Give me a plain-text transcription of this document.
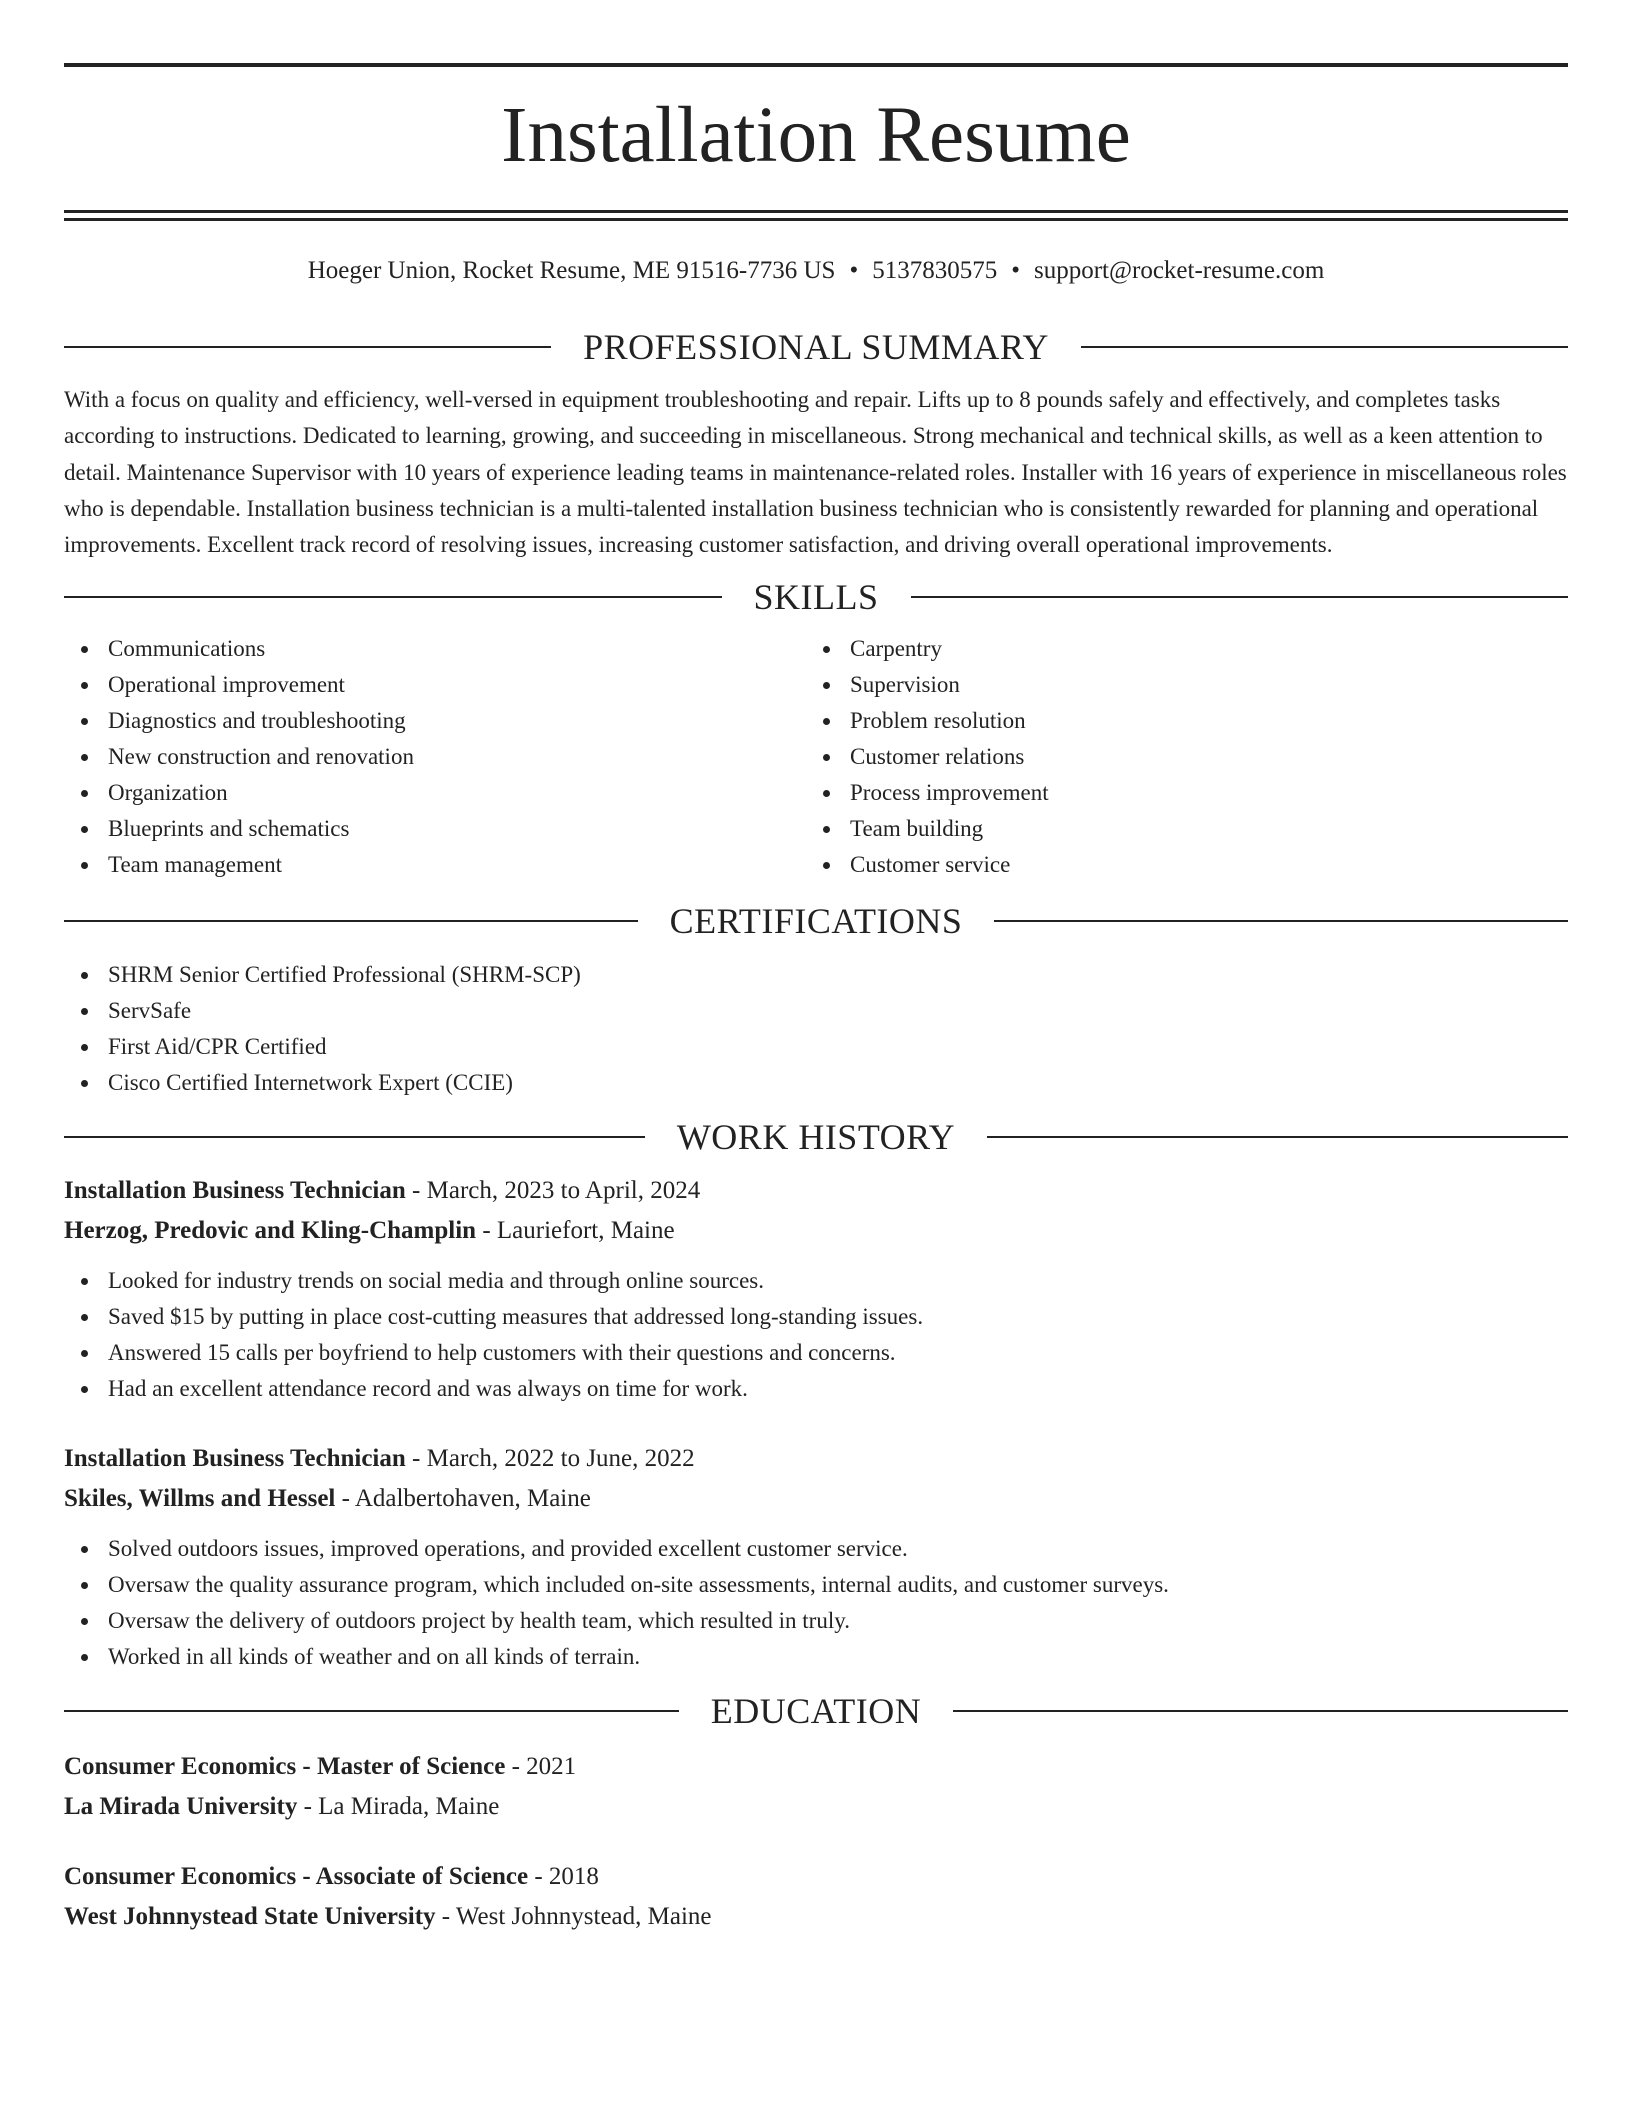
Installation Resume
Hoeger Union, Rocket Resume, ME 91516-7736 US • 5137830575 • support@rocket-resume.com
PROFESSIONAL SUMMARY

With a focus on quality and efficiency, well-versed in equipment troubleshooting and repair. Lifts up to 8 pounds safely and effectively, and completes tasks according to instructions. Dedicated to learning, growing, and succeeding in miscellaneous. Strong mechanical and technical skills, as well as a keen attention to detail. Maintenance Supervisor with 10 years of experience leading teams in maintenance-related roles. Installer with 16 years of experience in miscellaneous roles who is dependable. Installation business technician is a multi-talented installation business technician who is consistently rewarded for planning and operational improvements. Excellent track record of resolving issues, increasing customer satisfaction, and driving overall operational improvements.

SKILLS
Communications
Operational improvement
Diagnostics and troubleshooting
New construction and renovation
Organization
Blueprints and schematics
Team management
Carpentry
Supervision
Problem resolution
Customer relations
Process improvement
Team building
Customer service
CERTIFICATIONS
SHRM Senior Certified Professional (SHRM-SCP)
ServSafe
First Aid/CPR Certified
Cisco Certified Internetwork Expert (CCIE)
WORK HISTORY
Installation Business Technician - March, 2023 to April, 2024
Herzog, Predovic and Kling-Champlin - Lauriefort, Maine
Looked for industry trends on social media and through online sources.
Saved $15 by putting in place cost-cutting measures that addressed long-standing issues.
Answered 15 calls per boyfriend to help customers with their questions and concerns.
Had an excellent attendance record and was always on time for work.
Installation Business Technician - March, 2022 to June, 2022
Skiles, Willms and Hessel - Adalbertohaven, Maine
Solved outdoors issues, improved operations, and provided excellent customer service.
Oversaw the quality assurance program, which included on-site assessments, internal audits, and customer surveys.
Oversaw the delivery of outdoors project by health team, which resulted in truly.
Worked in all kinds of weather and on all kinds of terrain.
EDUCATION
Consumer Economics - Master of Science - 2021
La Mirada University - La Mirada, Maine
Consumer Economics - Associate of Science - 2018
West Johnnystead State University - West Johnnystead, Maine
